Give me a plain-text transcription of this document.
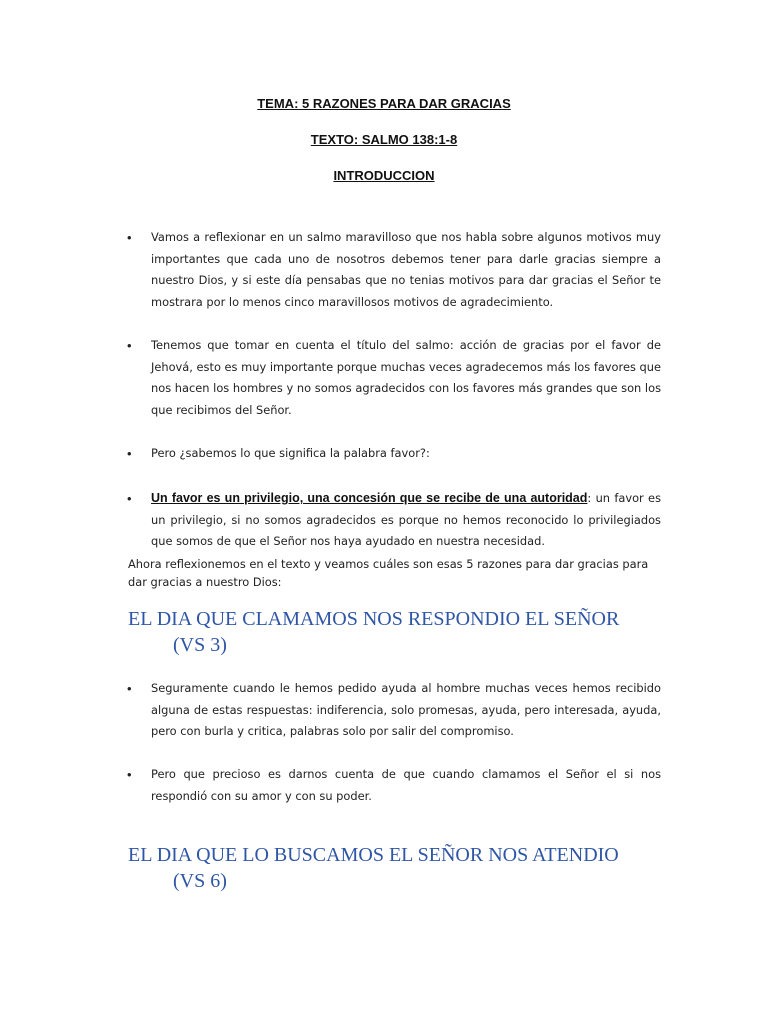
TEMA: 5 RAZONES PARA DAR GRACIAS
TEXTO: SALMO 138:1-8
INTRODUCCION
• Vamos a reflexionar en un salmo maravilloso que nos habla sobre algunos motivos muy importantes que cada uno de nosotros debemos tener para darle gracias siempre a nuestro Dios, y si este día pensabas que no tenias motivos para dar gracias el Señor te mostrara por lo menos cinco maravillosos motivos de agradecimiento.
• Tenemos que tomar en cuenta el título del salmo: acción de gracias por el favor de Jehová, esto es muy importante porque muchas veces agradecemos más los favores que nos hacen los hombres y no somos agradecidos con los favores más grandes que son los que recibimos del Señor.
• Pero ¿sabemos lo que significa la palabra favor?:
• Un favor es un privilegio, una concesión que se recibe de una autoridad: un favor es un privilegio, si no somos agradecidos es porque no hemos reconocido lo privilegiados que somos de que el Señor nos haya ayudado en nuestra necesidad.
Ahora reflexionemos en el texto y veamos cuáles son esas 5 razones para dar gracias para dar gracias a nuestro Dios:
EL DIA QUE CLAMAMOS NOS RESPONDIO EL SEÑOR
(VS 3)
• Seguramente cuando le hemos pedido ayuda al hombre muchas veces hemos recibido alguna de estas respuestas: indiferencia, solo promesas, ayuda, pero interesada, ayuda, pero con burla y critica, palabras solo por salir del compromiso.
• Pero que precioso es darnos cuenta de que cuando clamamos el Señor el si nos respondió con su amor y con su poder.
EL DIA QUE LO BUSCAMOS EL SEÑOR NOS ATENDIO
(VS 6)
